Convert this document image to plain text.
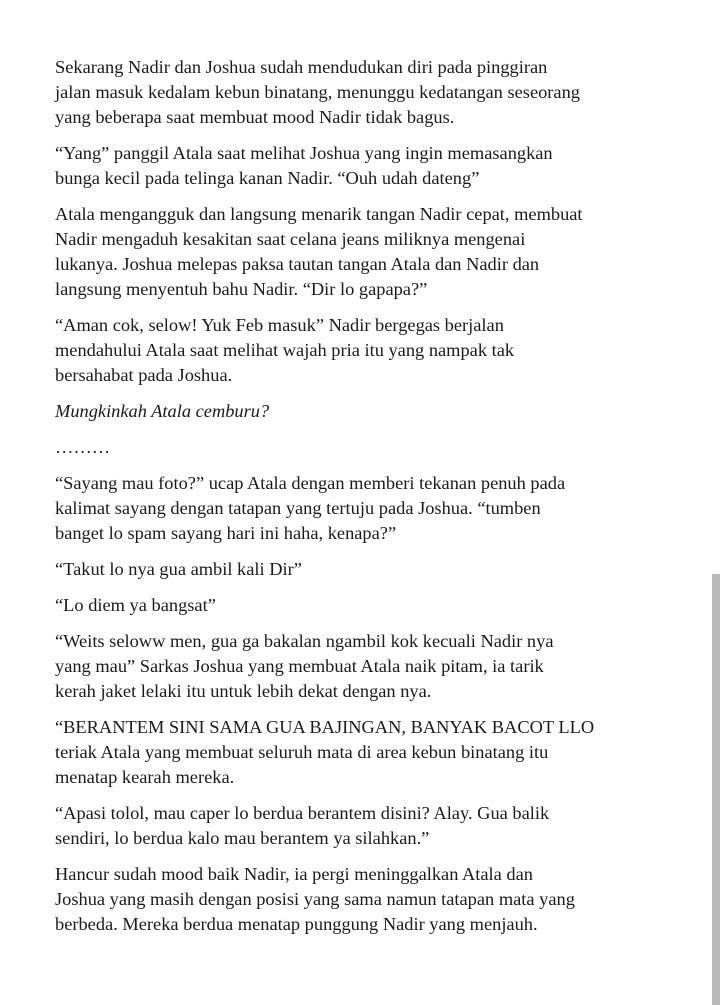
Sekarang Nadir dan Joshua sudah mendudukan diri pada pinggiran
jalan masuk kedalam kebun binatang, menunggu kedatangan seseorang
yang beberapa saat membuat mood Nadir tidak bagus.

“Yang” panggil Atala saat melihat Joshua yang ingin memasangkan
bunga kecil pada telinga kanan Nadir. “Ouh udah dateng”

Atala mengangguk dan langsung menarik tangan Nadir cepat, membuat
Nadir mengaduh kesakitan saat celana jeans miliknya mengenai
lukanya. Joshua melepas paksa tautan tangan Atala dan Nadir dan
langsung menyentuh bahu Nadir. “Dir lo gapapa?”

“Aman cok, selow! Yuk Feb masuk” Nadir bergegas berjalan
mendahului Atala saat melihat wajah pria itu yang nampak tak
bersahabat pada Joshua.

Mungkinkah Atala cemburu?

………

“Sayang mau foto?” ucap Atala dengan memberi tekanan penuh pada
kalimat sayang dengan tatapan yang tertuju pada Joshua. “tumben
banget lo spam sayang hari ini haha, kenapa?”

“Takut lo nya gua ambil kali Dir”

“Lo diem ya bangsat”

“Weits seloww men, gua ga bakalan ngambil kok kecuali Nadir nya
yang mau” Sarkas Joshua yang membuat Atala naik pitam, ia tarik
kerah jaket lelaki itu untuk lebih dekat dengan nya.

“BERANTEM SINI SAMA GUA BAJINGAN, BANYAK BACOT LLO
teriak Atala yang membuat seluruh mata di area kebun binatang itu
menatap kearah mereka.

“Apasi tolol, mau caper lo berdua berantem disini? Alay. Gua balik
sendiri, lo berdua kalo mau berantem ya silahkan.”

Hancur sudah mood baik Nadir, ia pergi meninggalkan Atala dan
Joshua yang masih dengan posisi yang sama namun tatapan mata yang
berbeda. Mereka berdua menatap punggung Nadir yang menjauh.
